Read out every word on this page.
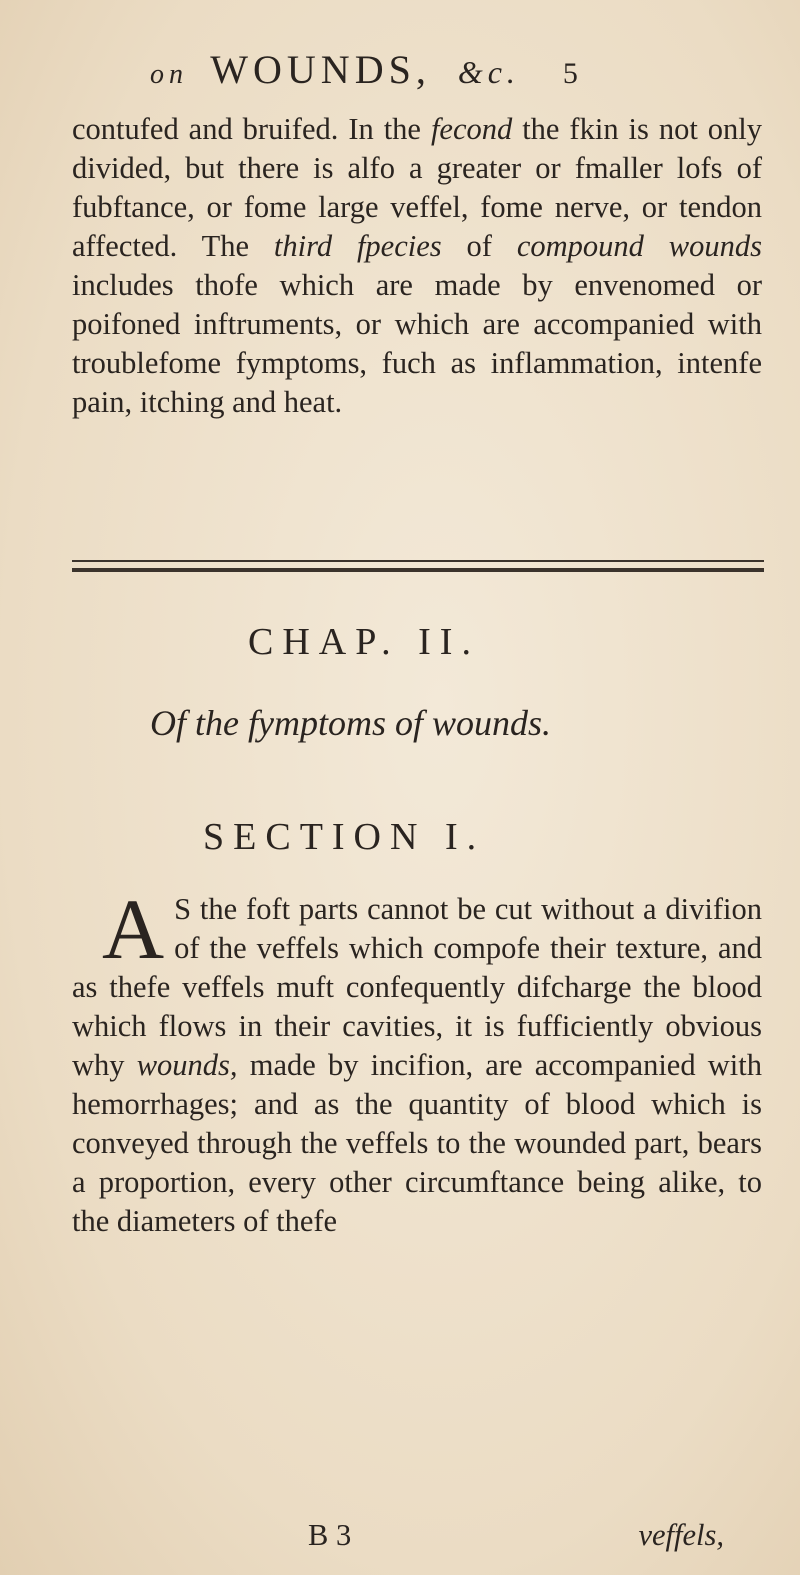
on WOUNDS, &c. 5

contufed and bruifed. In the fecond the fkin is not only divided, but there is alfo a greater or fmaller lofs of fubftance, or fome large veffel, fome nerve, or tendon affected. The third fpecies of compound wounds includes thofe which are made by envenomed or poifoned inftruments, or which are accompanied with troublefome fymptoms, fuch as inflammation, intenfe pain, itching and heat.

CHAP. II.
Of the fymptoms of wounds.
SECTION I.

A S the foft parts cannot be cut without a divifion of the veffels which compofe their texture, and as thefe veffels muft confequently difcharge the blood which flows in their cavities, it is fufficiently obvious why wounds, made by incifion, are accompanied with hemorrhages; and as the quantity of blood which is conveyed through the veffels to the wounded part, bears a proportion, every other circumftance being alike, to the diameters of thefe

B 3	veffels,
